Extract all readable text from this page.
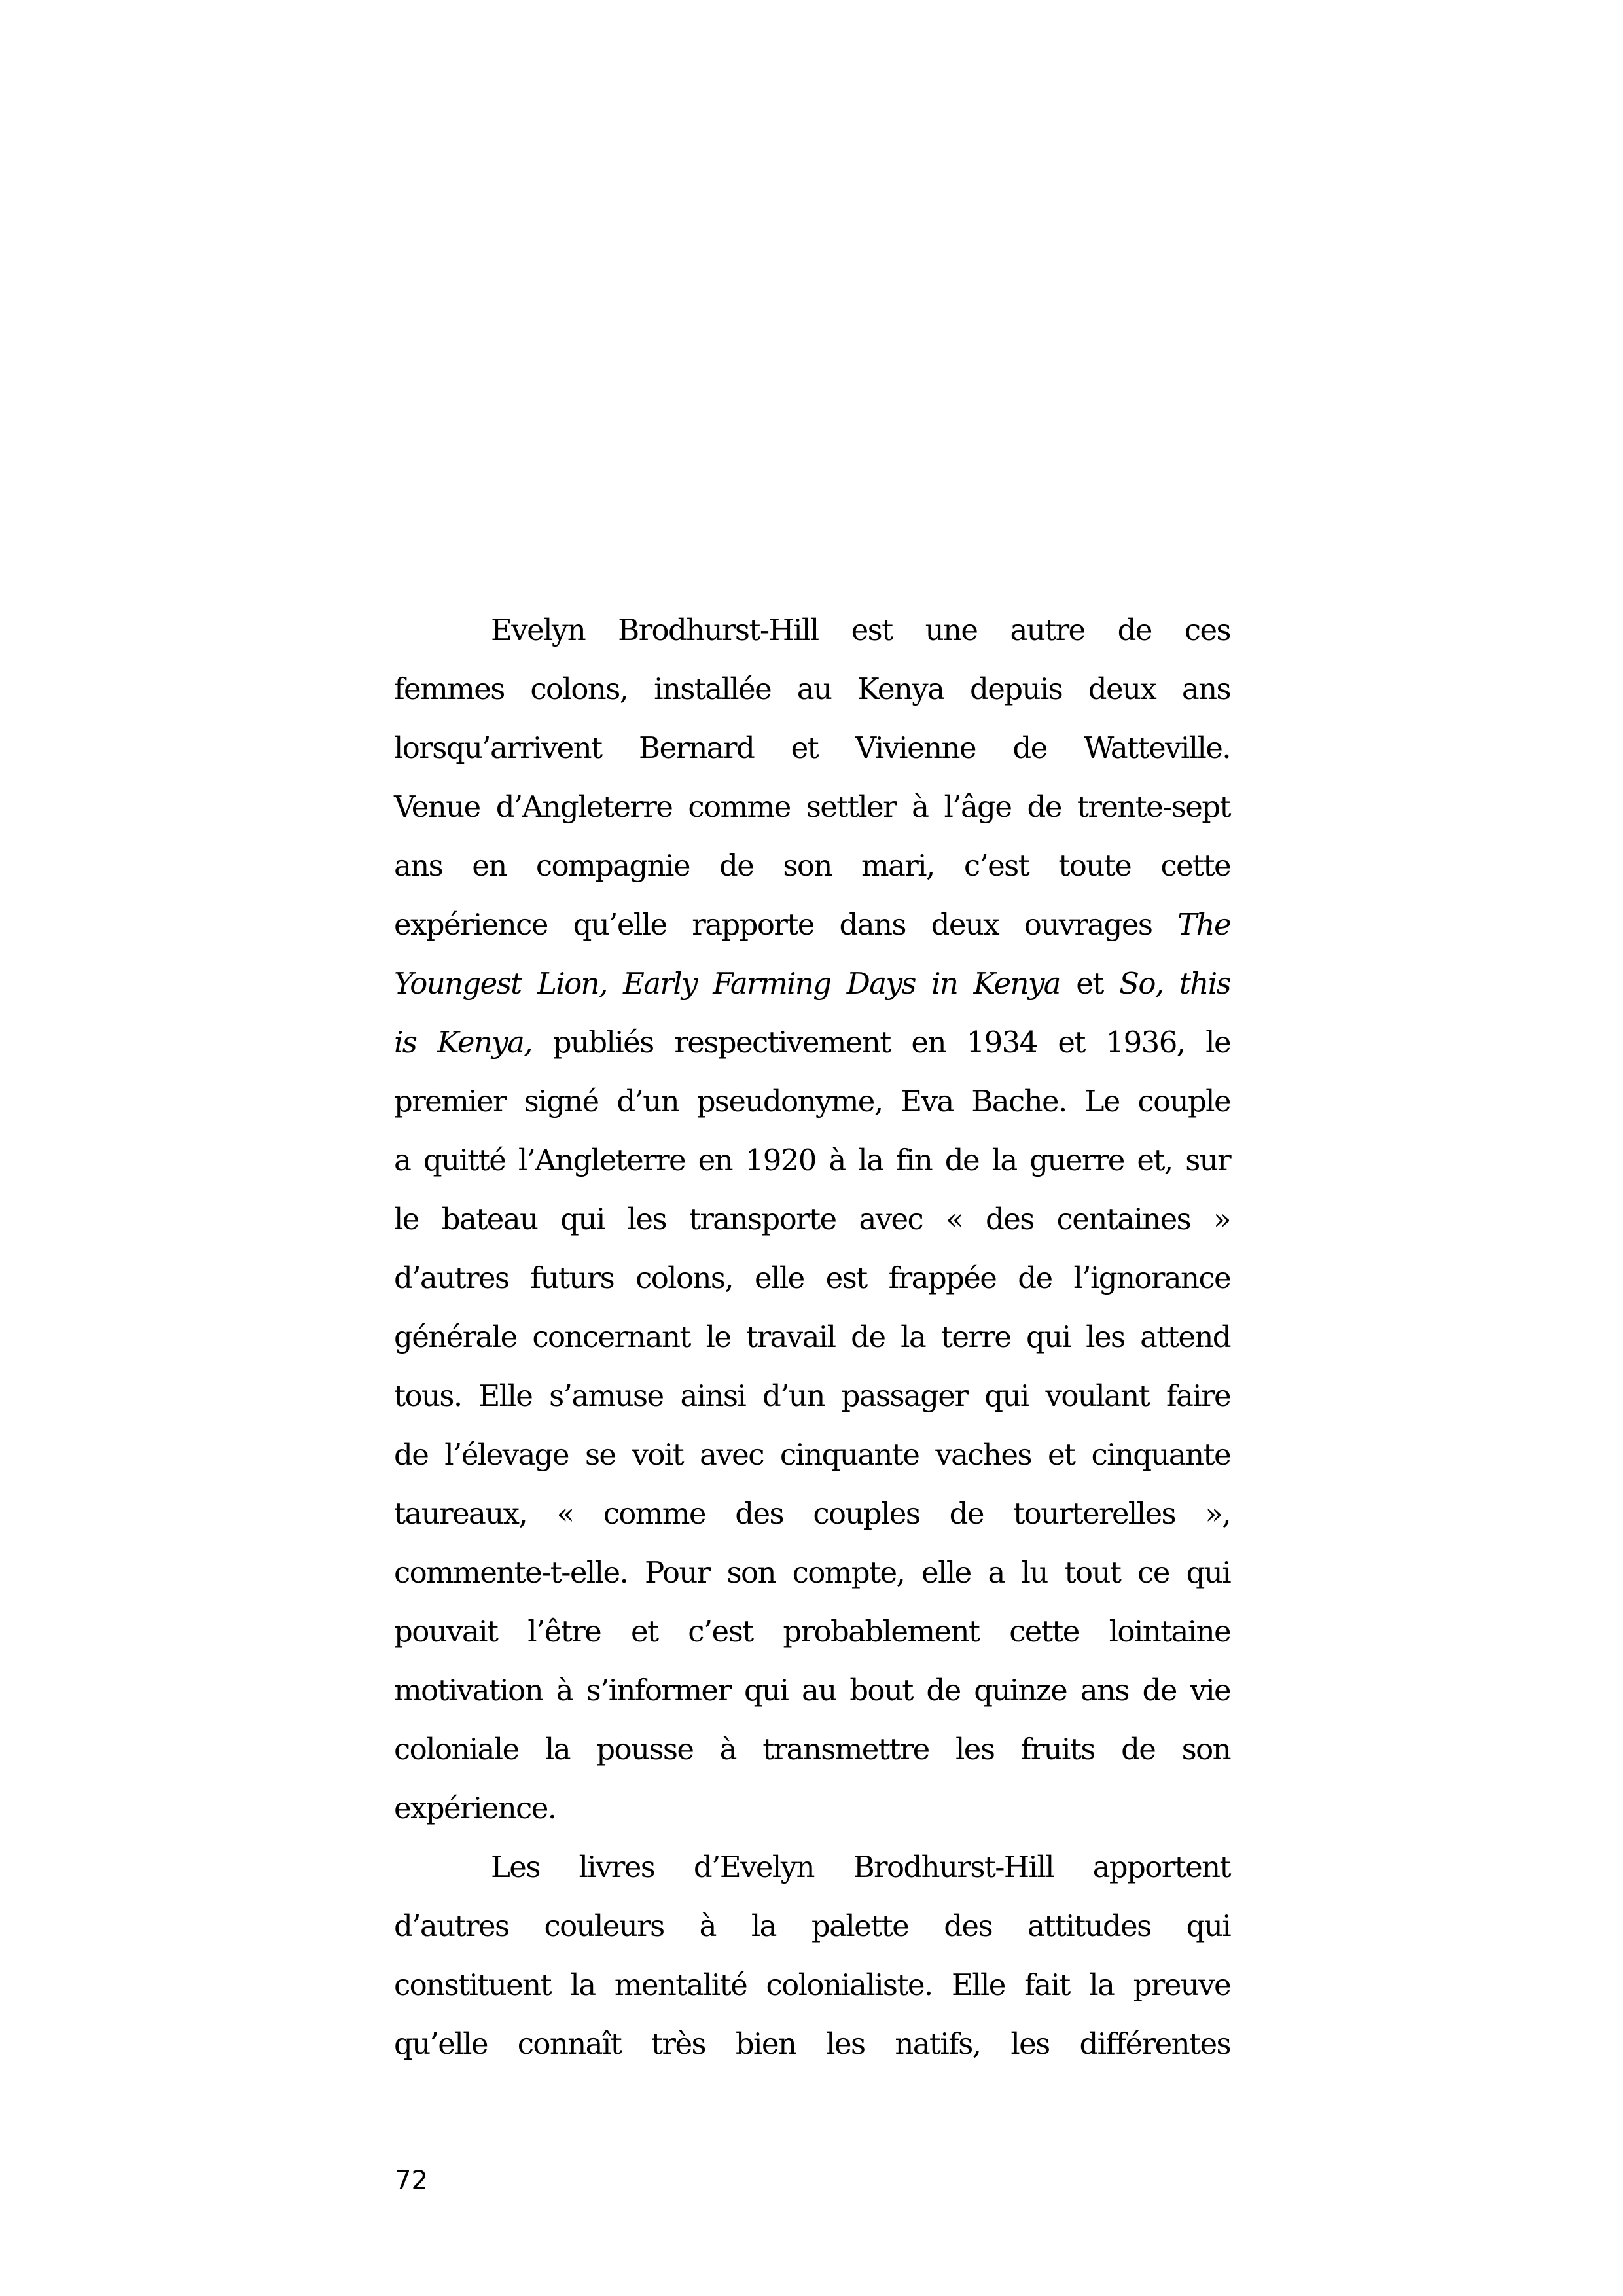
Evelyn Brodhurst-Hill est une autre de ces
femmes colons, installée au Kenya depuis deux ans
lorsqu’arrivent Bernard et Vivienne de Watteville.
Venue d’Angleterre comme settler à l’âge de trente-sept
ans en compagnie de son mari, c’est toute cette
expérience qu’elle rapporte dans deux ouvrages The
Youngest Lion, Early Farming Days in Kenya et So, this
is Kenya, publiés respectivement en 1934 et 1936, le
premier signé d’un pseudonyme, Eva Bache. Le couple
a quitté l’Angleterre en 1920 à la fin de la guerre et, sur
le bateau qui les transporte avec « des centaines »
d’autres futurs colons, elle est frappée de l’ignorance
générale concernant le travail de la terre qui les attend
tous. Elle s’amuse ainsi d’un passager qui voulant faire
de l’élevage se voit avec cinquante vaches et cinquante
taureaux, « comme des couples de tourterelles »,
commente-t-elle. Pour son compte, elle a lu tout ce qui
pouvait l’être et c’est probablement cette lointaine
motivation à s’informer qui au bout de quinze ans de vie
coloniale la pousse à transmettre les fruits de son
expérience.
Les livres d’Evelyn Brodhurst-Hill apportent
d’autres couleurs à la palette des attitudes qui
constituent la mentalité colonialiste. Elle fait la preuve
qu’elle connaît très bien les natifs, les différentes
72
